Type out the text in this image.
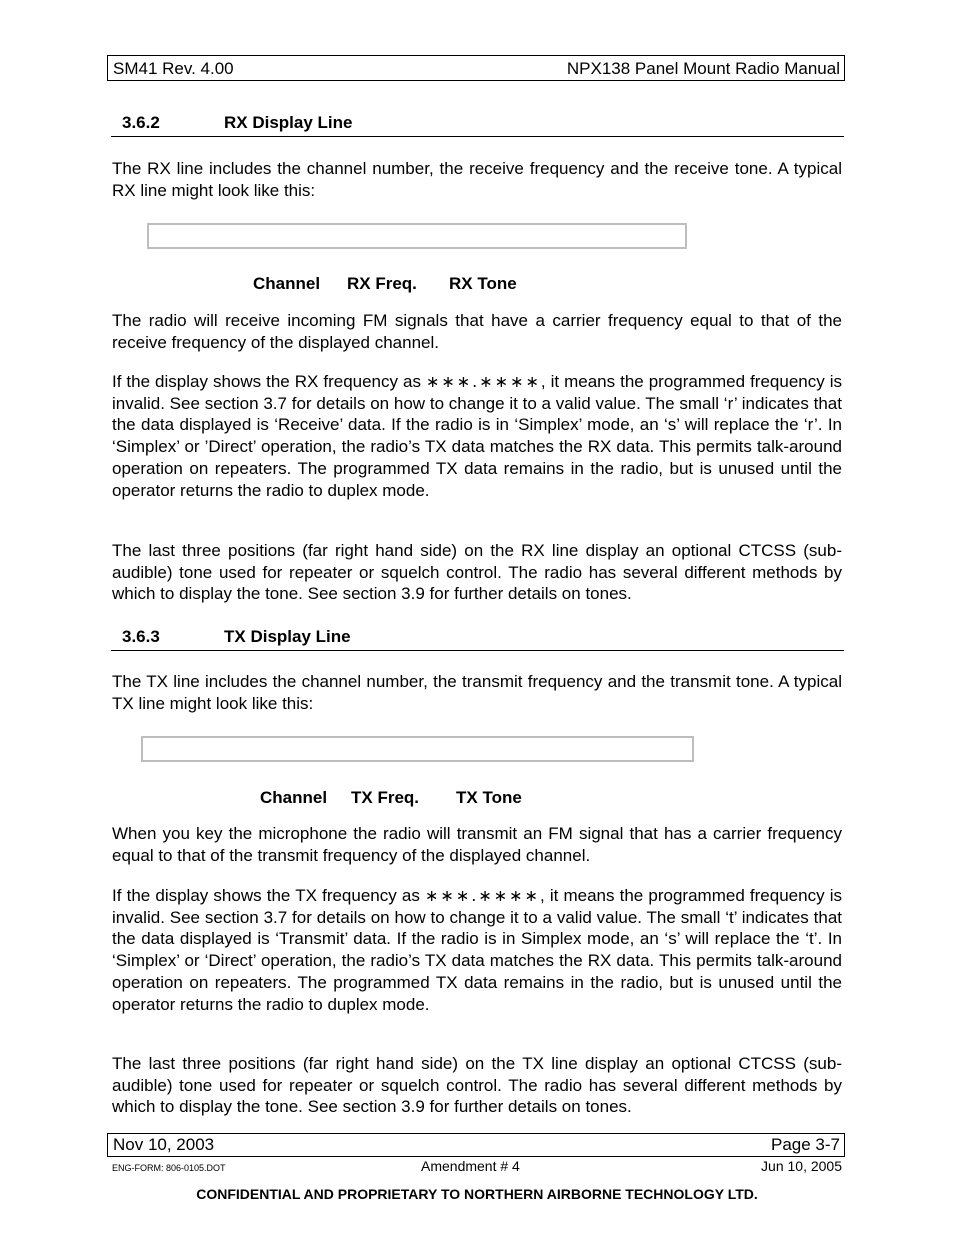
SM41 Rev. 4.00	NPX138 Panel Mount Radio Manual
3.6.2	RX Display Line

The RX line includes the channel number, the receive frequency and the receive tone. A typical RX line might look like this:

Channel RX Freq. RX Tone

The radio will receive incoming FM signals that have a carrier frequency equal to that of the receive frequency of the displayed channel.

If the display shows the RX frequency as ∗∗∗.∗∗∗∗, it means the programmed frequency is invalid. See section 3.7 for details on how to change it to a valid value. The small ‘r’ indicates that the data displayed is ‘Receive’ data. If the radio is in ‘Simplex’ mode, an ‘s’ will replace the ‘r’. In ‘Simplex’ or ’Direct’ operation, the radio’s TX data matches the RX data. This permits talk-around operation on repeaters. The programmed TX data remains in the radio, but is unused until the operator returns the radio to duplex mode.

The last three positions (far right hand side) on the RX line display an optional CTCSS (sub-audible) tone used for repeater or squelch control. The radio has several different methods by which to display the tone. See section 3.9 for further details on tones.

3.6.3	TX Display Line

The TX line includes the channel number, the transmit frequency and the transmit tone. A typical TX line might look like this:

Channel TX Freq. TX Tone

When you key the microphone the radio will transmit an FM signal that has a carrier frequency equal to that of the transmit frequency of the displayed channel.

If the display shows the TX frequency as ∗∗∗.∗∗∗∗, it means the programmed frequency is invalid. See section 3.7 for details on how to change it to a valid value. The small ‘t’ indicates that the data displayed is ‘Transmit’ data. If the radio is in Simplex mode, an ‘s’ will replace the ‘t’. In ‘Simplex’ or ‘Direct’ operation, the radio’s TX data matches the RX data. This permits talk-around operation on repeaters. The programmed TX data remains in the radio, but is unused until the operator returns the radio to duplex mode.

The last three positions (far right hand side) on the TX line display an optional CTCSS (sub-audible) tone used for repeater or squelch control. The radio has several different methods by which to display the tone. See section 3.9 for further details on tones.

Nov 10, 2003	Page 3-7
ENG-FORM: 806-0105.DOT	Amendment # 4	Jun 10, 2005
CONFIDENTIAL AND PROPRIETARY TO NORTHERN AIRBORNE TECHNOLOGY LTD.
